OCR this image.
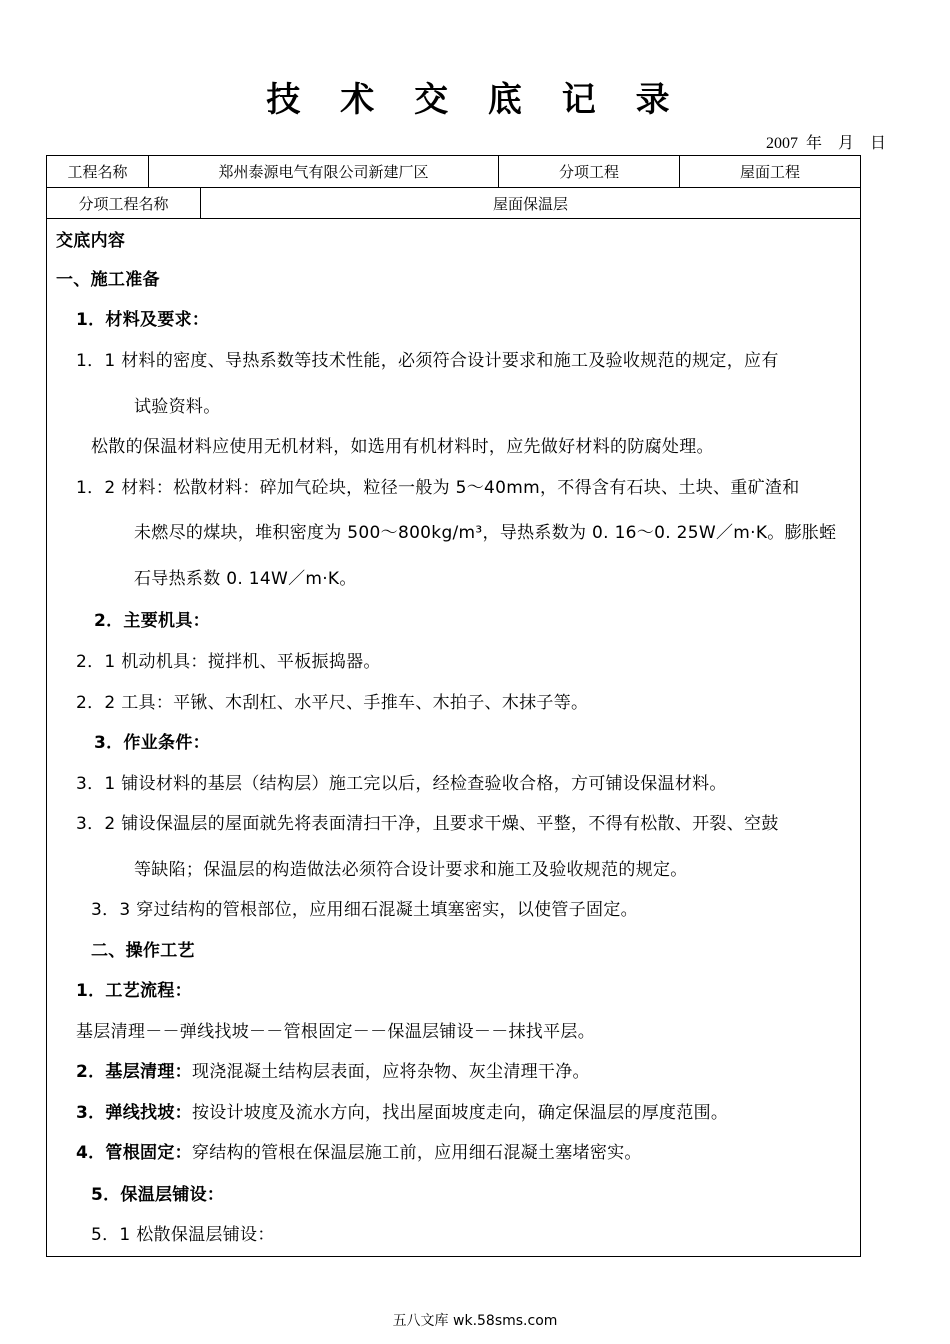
技 术 交 底 记 录
2007 年　月　日
工程名称	郑州泰源电气有限公司新建厂区	分项工程	屋面工程
分项工程名称	屋面保温层
交底内容
一、施工准备
1．材料及要求：
1．1 材料的密度、导热系数等技术性能，必须符合设计要求和施工及验收规范的规定，应有
试验资料。
松散的保温材料应使用无机材料，如选用有机材料时，应先做好材料的防腐处理。
1．2 材料：松散材料：碎加气砼块，粒径一般为 5～40mm，不得含有石块、土块、重矿渣和
未燃尽的煤块，堆积密度为 500～800kg/m³，导热系数为 0. 16～0. 25W／m·K。膨胀蛭
石导热系数 0. 14W／m·K。
2．主要机具：
2．1 机动机具：搅拌机、平板振捣器。
2．2 工具：平锹、木刮杠、水平尺、手推车、木拍子、木抹子等。
3．作业条件：
3．1 铺设材料的基层（结构层）施工完以后，经检查验收合格，方可铺设保温材料。
3．2 铺设保温层的屋面就先将表面清扫干净，且要求干燥、平整，不得有松散、开裂、空鼓
等缺陷；保温层的构造做法必须符合设计要求和施工及验收规范的规定。
3．3 穿过结构的管根部位，应用细石混凝土填塞密实，以使管子固定。
二、操作工艺
1．工艺流程：
基层清理－－弹线找坡－－管根固定－－保温层铺设－－抹找平层。
2．基层清理：现浇混凝土结构层表面，应将杂物、灰尘清理干净。
3．弹线找坡：按设计坡度及流水方向，找出屋面坡度走向，确定保温层的厚度范围。
4．管根固定：穿结构的管根在保温层施工前，应用细石混凝土塞堵密实。
5．保温层铺设：
5．1 松散保温层铺设：
五八文库 wk.58sms.com
